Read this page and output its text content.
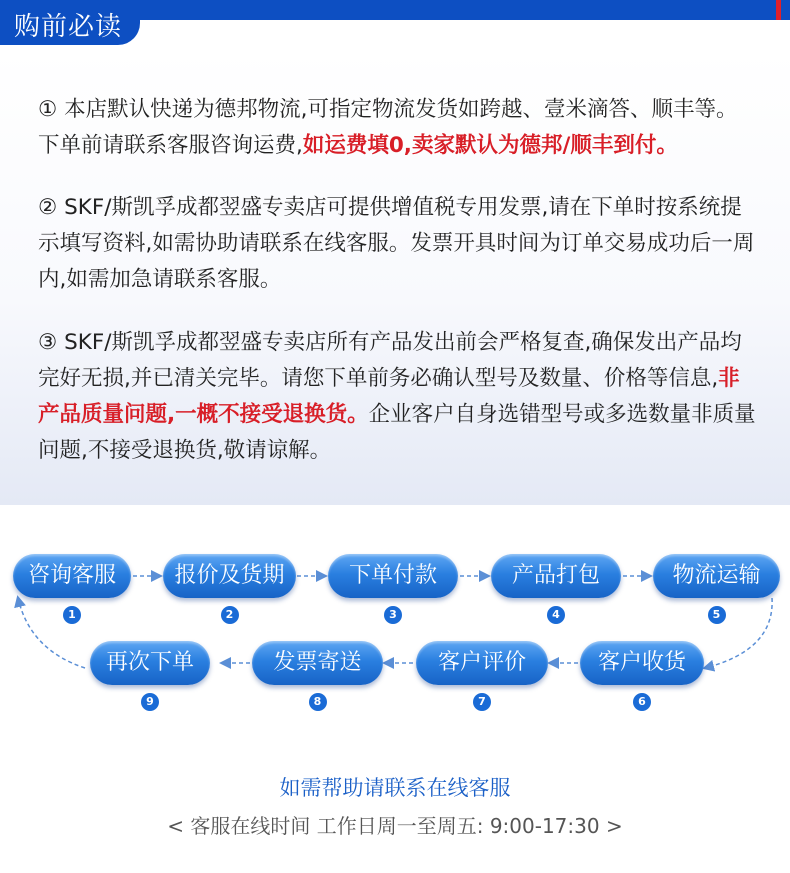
购前必读
① 本店默认快递为德邦物流,可指定物流发货如跨越、壹米滴答、顺丰等。下单前请联系客服咨询运费,如运费填0,卖家默认为德邦/顺丰到付。
② SKF/斯凯孚成都翌盛专卖店可提供增值税专用发票,请在下单时按系统提示填写资料,如需协助请联系在线客服。发票开具时间为订单交易成功后一周内,如需加急请联系客服。
③ SKF/斯凯孚成都翌盛专卖店所有产品发出前会严格复查,确保发出产品均完好无损,并已清关完毕。请您下单前务必确认型号及数量、价格等信息,非产品质量问题,一概不接受退换货。企业客户自身选错型号或多选数量非质量问题,不接受退换货,敬请谅解。
咨询客服
1
报价及货期
2
下单付款
3
产品打包
4
物流运输
5
客户收货
6
客户评价
7
发票寄送
8
再次下单
9
如需帮助请联系在线客服
< 客服在线时间 工作日周一至周五: 9:00-17:30 >
